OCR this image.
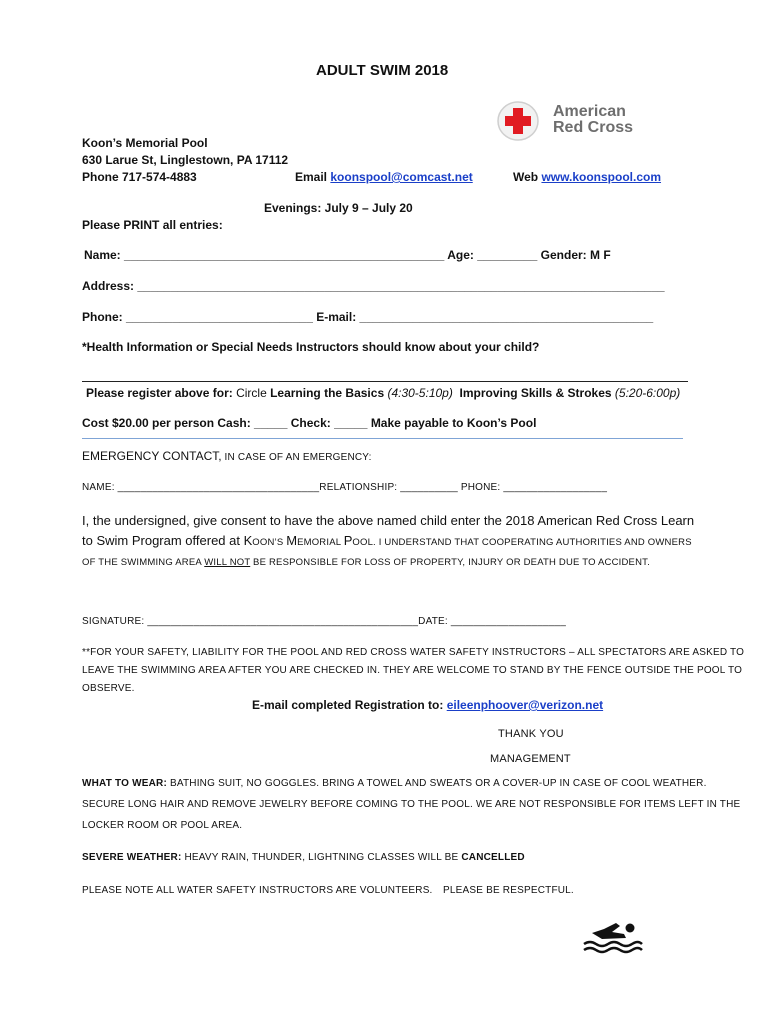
ADULT SWIM 2018
American
Red Cross
Koon’s Memorial Pool
630 Larue St, Linglestown, PA 17112
Phone 717-574-4883	Email koonspool@comcast.net	Web www.koonspool.com
Evenings: July 9 – July 20
Please PRINT all entries:
Name: ________________________________________________ Age: _________ Gender: M F
Address: _______________________________________________________________________________
Phone: ____________________________ E-mail: ____________________________________________
*Health Information or Special Needs Instructors should know about your child?
Please register above for: Circle Learning the Basics (4:30-5:10p) Improving Skills & Strokes (5:20-6:00p)
Cost $20.00 per person Cash: _____ Check: _____ Make payable to Koon’s Pool
EMERGENCY CONTACT, IN CASE OF AN EMERGENCY:
NAME: ___________________________________RELATIONSHIP: __________ PHONE: __________________
I, the undersigned, give consent to have the above named child enter the 2018 American Red Cross Learn
to Swim Program offered at KOON’S MEMORIAL POOL. I UNDERSTAND THAT COOPERATING AUTHORITIES AND OWNERS
OF THE SWIMMING AREA WILL NOT BE RESPONSIBLE FOR LOSS OF PROPERTY, INJURY OR DEATH DUE TO ACCIDENT.
SIGNATURE: _______________________________________________DATE: ____________________
**FOR YOUR SAFETY, LIABILITY FOR THE POOL AND RED CROSS WATER SAFETY INSTRUCTORS – ALL SPECTATORS ARE ASKED TO
LEAVE THE SWIMMING AREA AFTER YOU ARE CHECKED IN. THEY ARE WELCOME TO STAND BY THE FENCE OUTSIDE THE POOL TO
OBSERVE.
E-mail completed Registration to: eileenphoover@verizon.net
THANK YOU
MANAGEMENT
WHAT TO WEAR: BATHING SUIT, NO GOGGLES. BRING A TOWEL AND SWEATS OR A COVER-UP IN CASE OF COOL WEATHER.
SECURE LONG HAIR AND REMOVE JEWELRY BEFORE COMING TO THE POOL. WE ARE NOT RESPONSIBLE FOR ITEMS LEFT IN THE
LOCKER ROOM OR POOL AREA.
SEVERE WEATHER: HEAVY RAIN, THUNDER, LIGHTNING CLASSES WILL BE CANCELLED
PLEASE NOTE ALL WATER SAFETY INSTRUCTORS ARE VOLUNTEERS. PLEASE BE RESPECTFUL.
